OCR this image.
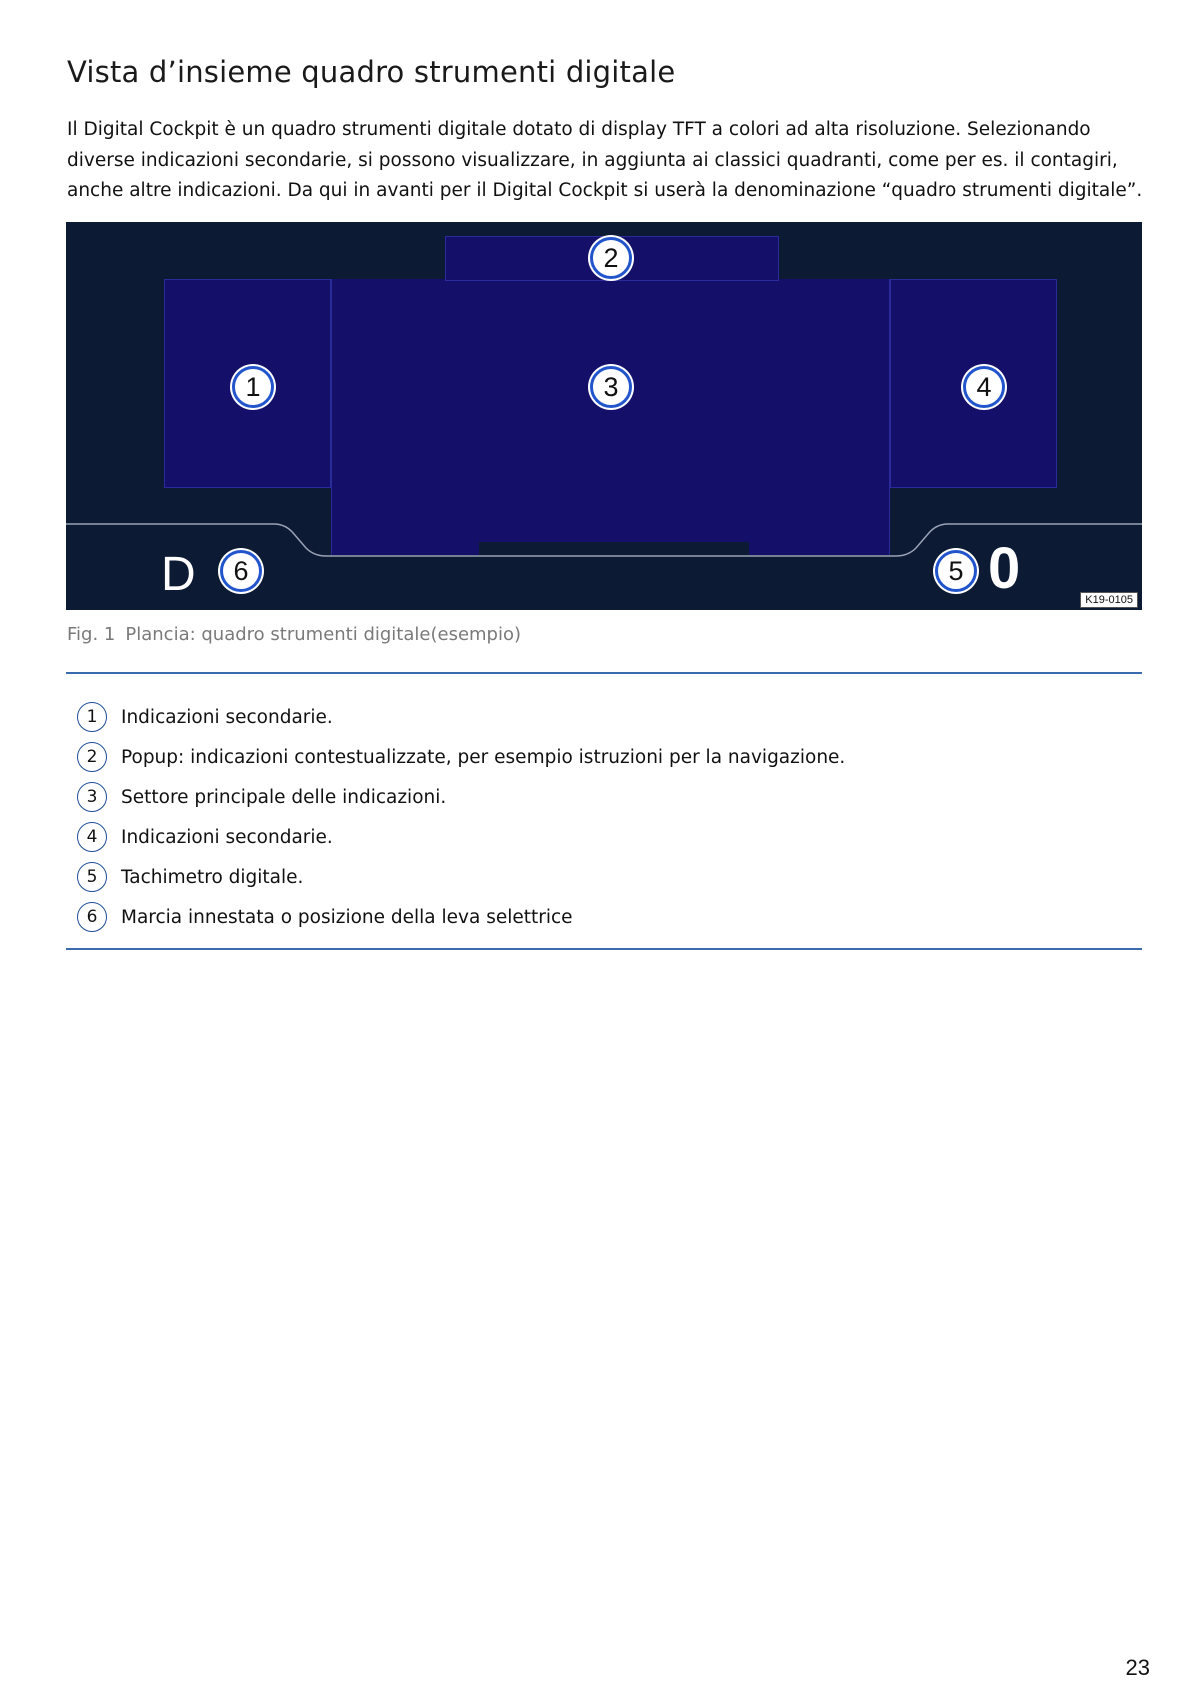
Vista d’insieme quadro strumenti digitale

Il Digital Cockpit è un quadro strumenti digitale dotato di display TFT a colori ad alta risoluzione. Selezionando diverse indicazioni secondarie, si possono visualizzare, in aggiunta ai classici quadranti, come per es. il contagiri, anche altre indicazioni. Da qui in avanti per il Digital Cockpit si userà la denominazione “quadro strumenti digitale”.

1
2
3	4
5
6
D	0	K19-0105
Fig. 1 Plancia: quadro strumenti digitale(esempio)
1	Indicazioni secondarie.
2	Popup: indicazioni contestualizzate, per esempio istruzioni per la navigazione.
3	Settore principale delle indicazioni.
4	Indicazioni secondarie.
5	Tachimetro digitale.
6	Marcia innestata o posizione della leva selettrice
23
